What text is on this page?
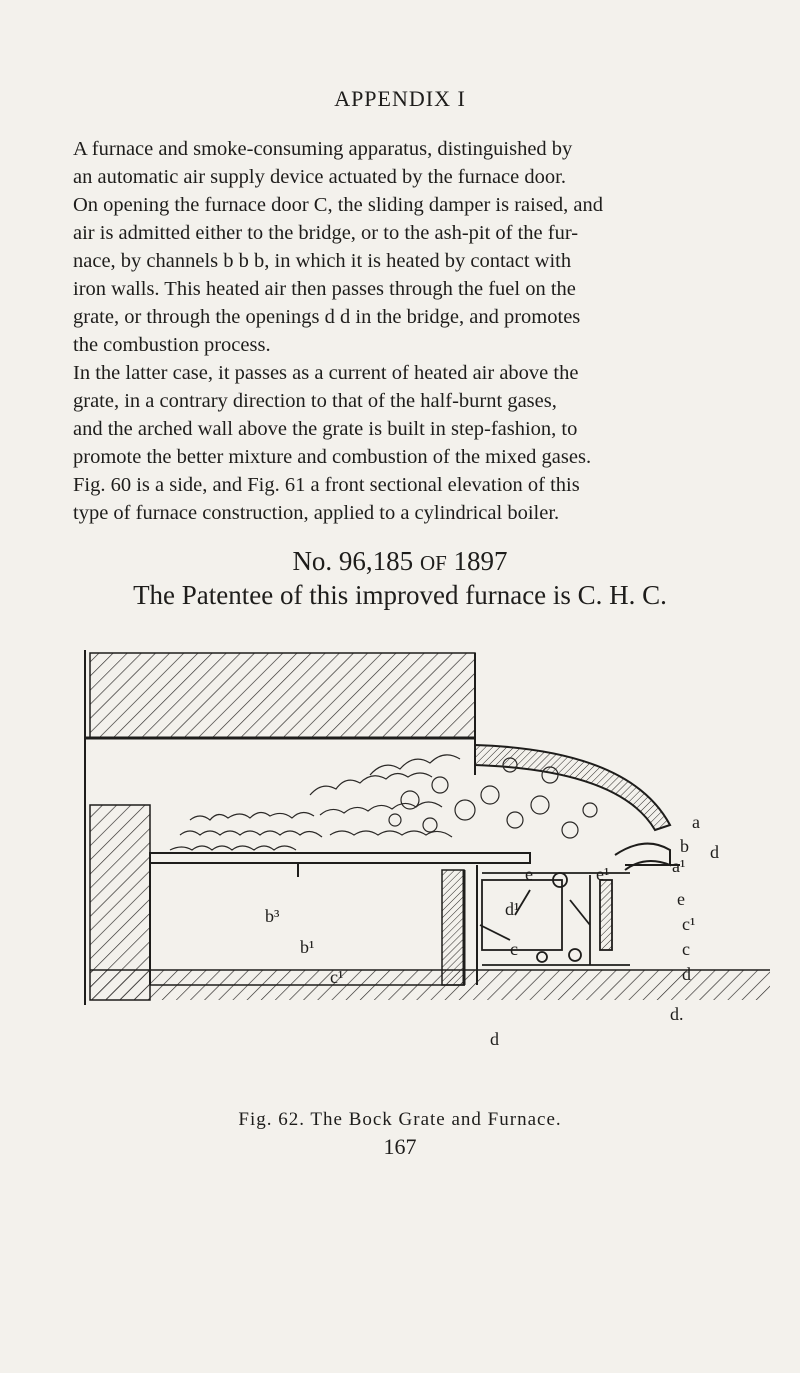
APPENDIX I
A furnace and smoke-consuming apparatus, distinguished by
an automatic air supply device actuated by the furnace door.
On opening the furnace door C, the sliding damper is raised, and
air is admitted either to the bridge, or to the ash-pit of the fur-
nace, by channels b b b, in which it is heated by contact with
iron walls. This heated air then passes through the fuel on the
grate, or through the openings d d in the bridge, and promotes
the combustion process.
In the latter case, it passes as a current of heated air above the
grate, in a contrary direction to that of the half-burnt gases,
and the arched wall above the grate is built in step-fashion, to
promote the better mixture and combustion of the mixed gases.
Fig. 60 is a side, and Fig. 61 a front sectional elevation of this
type of furnace construction, applied to a cylindrical boiler.
No. 96,185 OF 1897
The Patentee of this improved furnace is C. H. C.
a
b d
a¹
e	e¹
e
c¹
c
d
d.
b³
b¹
c¹
d¹
c
d
Fig. 62. The Bock Grate and Furnace.
167
